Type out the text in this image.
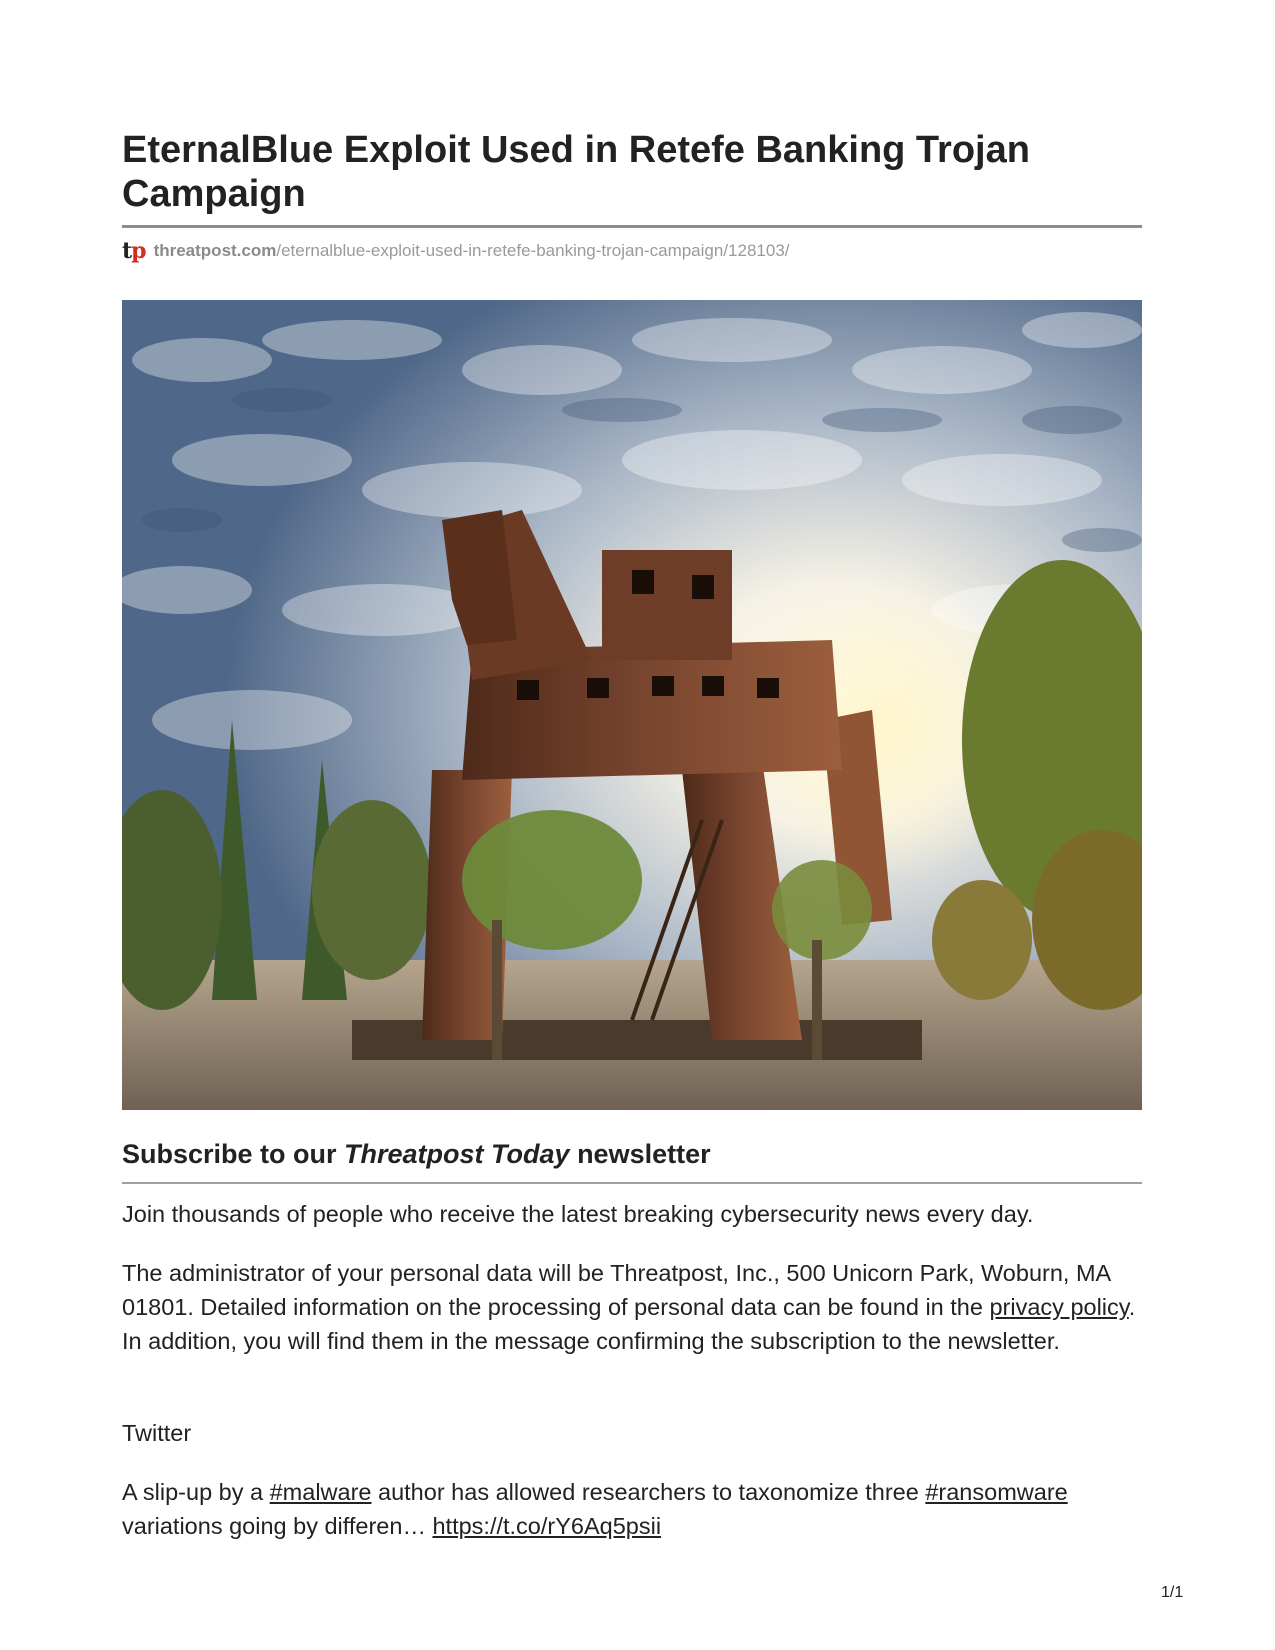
EternalBlue Exploit Used in Retefe Banking Trojan Campaign
tp threatpost.com /eternalblue-exploit-used-in-retefe-banking-trojan-campaign/128103/
Subscribe to our Threatpost Today newsletter

Join thousands of people who receive the latest breaking cybersecurity news every day.

The administrator of your personal data will be Threatpost, Inc., 500 Unicorn Park, Woburn, MA 01801. Detailed information on the processing of personal data can be found in the privacy policy. In addition, you will find them in the message confirming the subscription to the newsletter.

Twitter

A slip-up by a #malware author has allowed researchers to taxonomize three #ransomware variations going by differen… https://t.co/rY6Aq5psii

1/1
